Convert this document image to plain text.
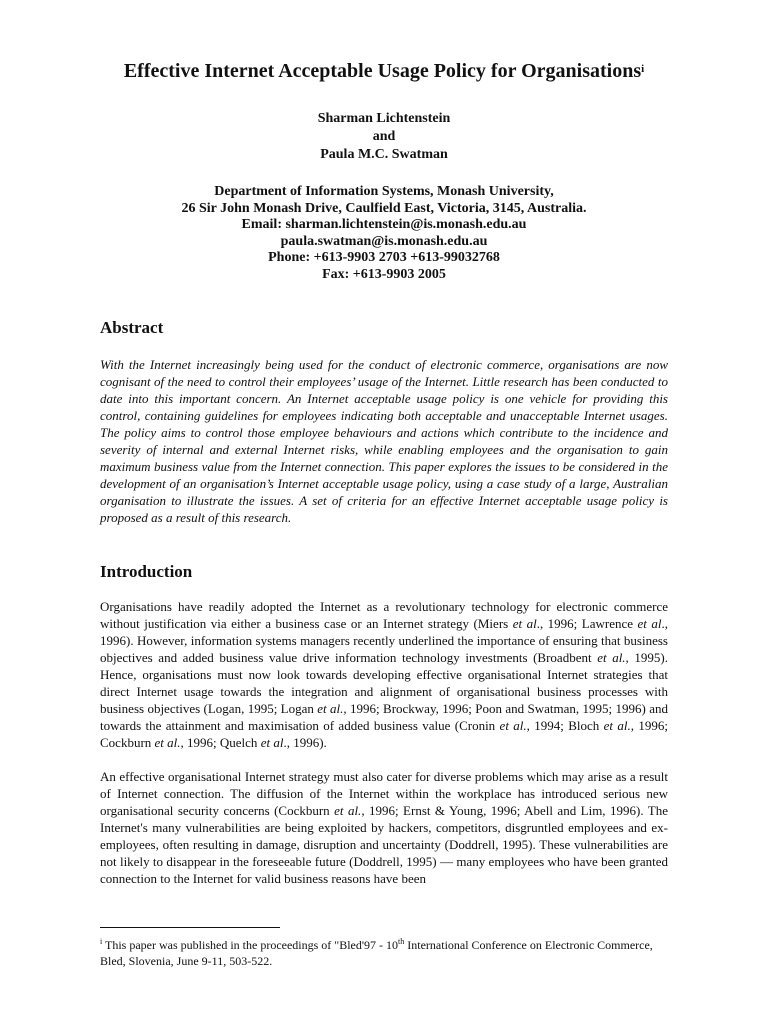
Effective Internet Acceptable Usage Policy for Organisations$^i$
Sharman Lichtenstein
and
Paula M.C. Swatman
Department of Information Systems, Monash University,
26 Sir John Monash Drive, Caulfield East, Victoria, 3145, Australia.
Email: sharman.lichtenstein@is.monash.edu.au
paula.swatman@is.monash.edu.au
Phone: +613-9903 2703 +613-99032768
Fax: +613-9903 2005
Abstract
With the Internet increasingly being used for the conduct of electronic commerce, organisations are now cognisant of the need to control their employees’ usage of the Internet. Little research has been conducted to date into this important concern. An Internet acceptable usage policy is one vehicle for providing this control, containing guidelines for employees indicating both acceptable and unacceptable Internet usages. The policy aims to control those employee behaviours and actions which contribute to the incidence and severity of internal and external Internet risks, while enabling employees and the organisation to gain maximum business value from the Internet connection. This paper explores the issues to be considered in the development of an organisation’s Internet acceptable usage policy, using a case study of a large, Australian organisation to illustrate the issues. A set of criteria for an effective Internet acceptable usage policy is proposed as a result of this research.
Introduction
Organisations have readily adopted the Internet as a revolutionary technology for electronic commerce without justification via either a business case or an Internet strategy (Miers et al., 1996; Lawrence et al., 1996). However, information systems managers recently underlined the importance of ensuring that business objectives and added business value drive information technology investments (Broadbent et al., 1995). Hence, organisations must now look towards developing effective organisational Internet strategies that direct Internet usage towards the integration and alignment of organisational business processes with business objectives (Logan, 1995; Logan et al., 1996; Brockway, 1996; Poon and Swatman, 1995; 1996) and towards the attainment and maximisation of added business value (Cronin et al., 1994; Bloch et al., 1996; Cockburn et al., 1996; Quelch et al., 1996).
An effective organisational Internet strategy must also cater for diverse problems which may arise as a result of Internet connection. The diffusion of the Internet within the workplace has introduced serious new organisational security concerns (Cockburn et al., 1996; Ernst & Young, 1996; Abell and Lim, 1996). The Internet's many vulnerabilities are being exploited by hackers, competitors, disgruntled employees and ex-employees, often resulting in damage, disruption and uncertainty (Doddrell, 1995). These vulnerabilities are not likely to disappear in the foreseeable future (Doddrell, 1995) — many employees who have been granted connection to the Internet for valid business reasons have been
$^i$ This paper was published in the proceedings of "Bled'97 - 10th International Conference on Electronic Commerce, Bled, Slovenia, June 9-11, 503-522.
